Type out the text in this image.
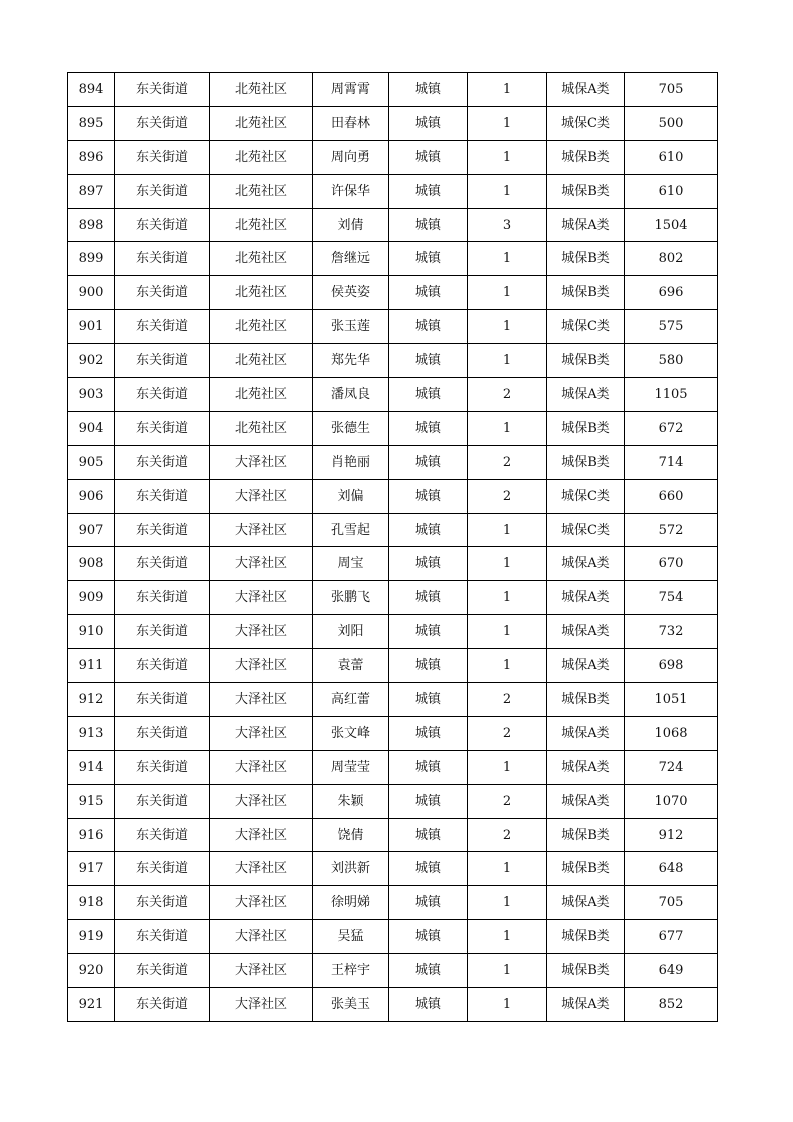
894	东关街道	北苑社区	周霄霄	城镇	1	城保A类	705
895	东关街道	北苑社区	田春林	城镇	1	城保C类	500
896	东关街道	北苑社区	周向勇	城镇	1	城保B类	610
897	东关街道	北苑社区	许保华	城镇	1	城保B类	610
898	东关街道	北苑社区	刘倩	城镇	3	城保A类	1504
899	东关街道	北苑社区	詹继远	城镇	1	城保B类	802
900	东关街道	北苑社区	侯英姿	城镇	1	城保B类	696
901	东关街道	北苑社区	张玉莲	城镇	1	城保C类	575
902	东关街道	北苑社区	郑先华	城镇	1	城保B类	580
903	东关街道	北苑社区	潘凤良	城镇	2	城保A类	1105
904	东关街道	北苑社区	张德生	城镇	1	城保B类	672
905	东关街道	大泽社区	肖艳丽	城镇	2	城保B类	714
906	东关街道	大泽社区	刘偏	城镇	2	城保C类	660
907	东关街道	大泽社区	孔雪起	城镇	1	城保C类	572
908	东关街道	大泽社区	周宝	城镇	1	城保A类	670
909	东关街道	大泽社区	张鹏飞	城镇	1	城保A类	754
910	东关街道	大泽社区	刘阳	城镇	1	城保A类	732
911	东关街道	大泽社区	袁蕾	城镇	1	城保A类	698
912	东关街道	大泽社区	高红蕾	城镇	2	城保B类	1051
913	东关街道	大泽社区	张文峰	城镇	2	城保A类	1068
914	东关街道	大泽社区	周莹莹	城镇	1	城保A类	724
915	东关街道	大泽社区	朱颖	城镇	2	城保A类	1070
916	东关街道	大泽社区	饶倩	城镇	2	城保B类	912
917	东关街道	大泽社区	刘洪新	城镇	1	城保B类	648
918	东关街道	大泽社区	徐明娣	城镇	1	城保A类	705
919	东关街道	大泽社区	吴猛	城镇	1	城保B类	677
920	东关街道	大泽社区	王梓宇	城镇	1	城保B类	649
921	东关街道	大泽社区	张美玉	城镇	1	城保A类	852
